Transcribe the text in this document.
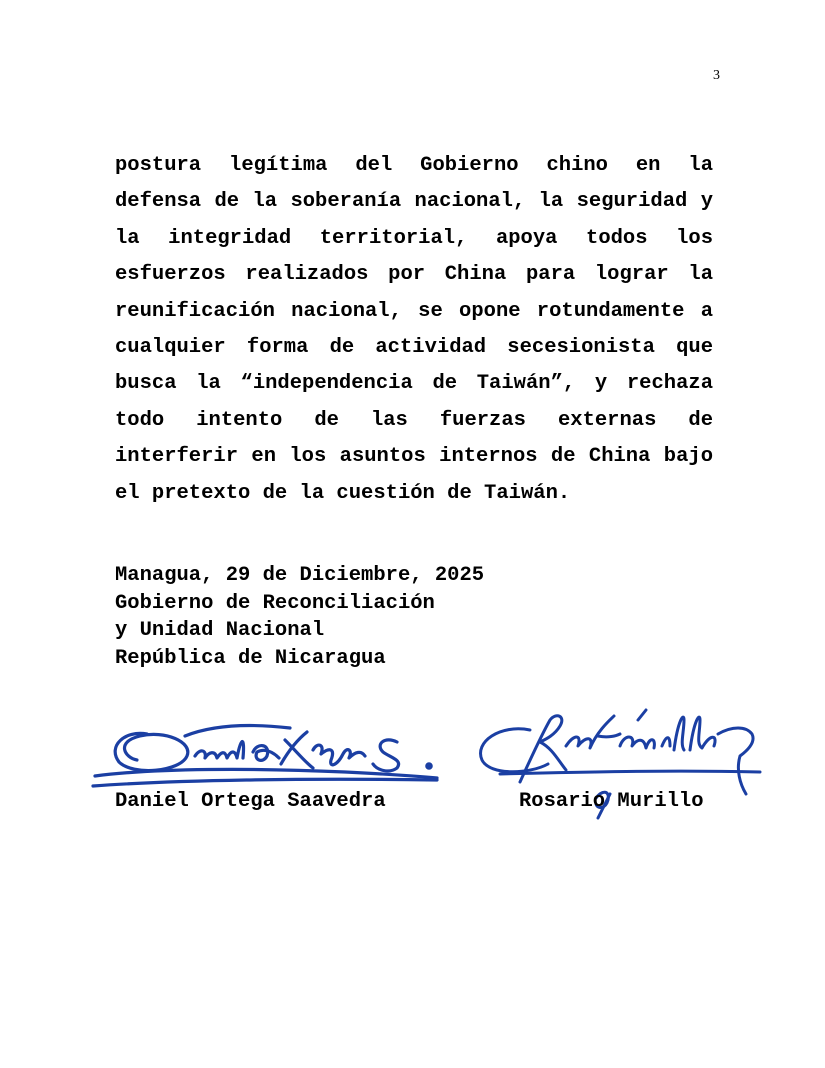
3

postura legítima del Gobierno chino en la defensa de la soberanía nacional, la seguridad y la integridad territorial, apoya todos los esfuerzos realizados por China para lograr la reunificación nacional, se opone rotundamente a cualquier forma de actividad secesionista que busca la “independencia de Taiwán”, y rechaza todo intento de las fuerzas externas de interferir en los asuntos internos de China bajo el pretexto de la cuestión de Taiwán.

Managua, 29 de Diciembre, 2025
Gobierno de Reconciliación
y Unidad Nacional
República de Nicaragua
Daniel Ortega Saavedra	Rosario Murillo
